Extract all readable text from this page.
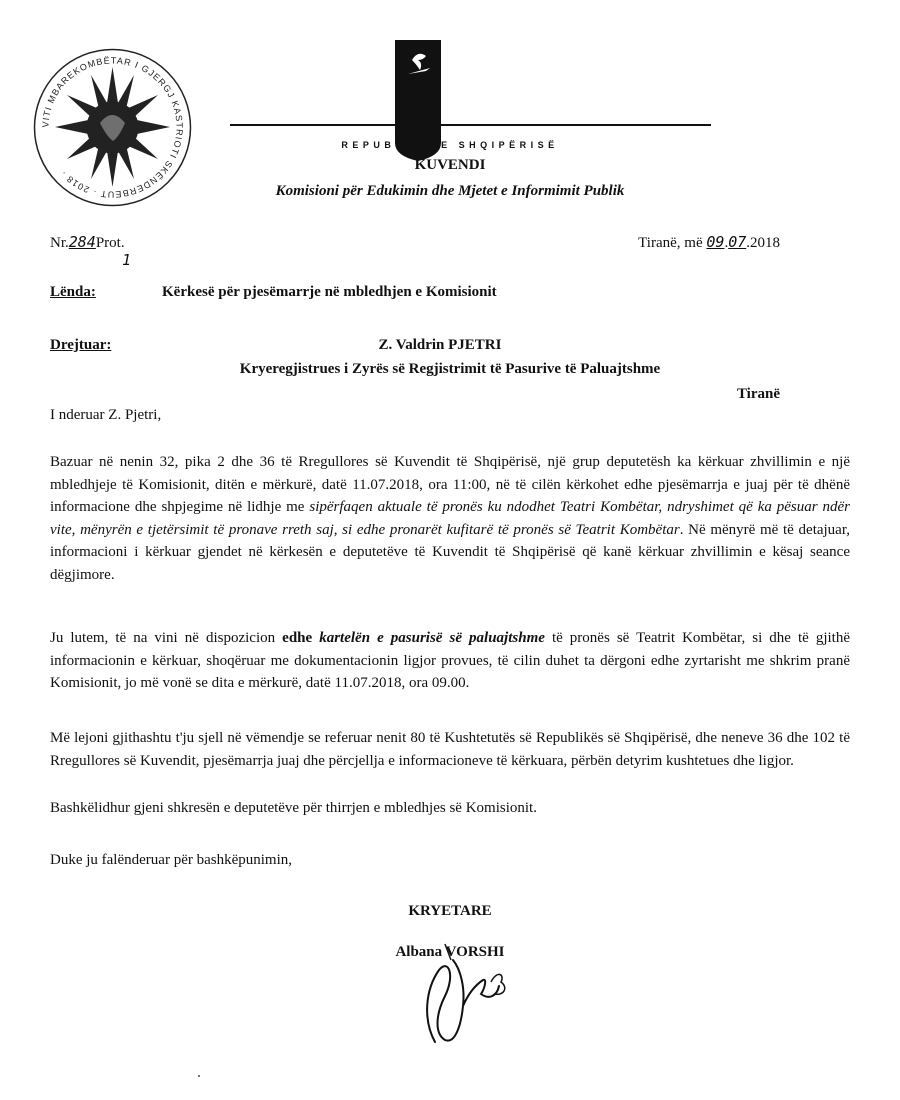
VITI MBAREKOMBËTAR I GJERGJ KASTRIOTI SKËNDERBEUT · 2018 ·
REPUBLIKA E SHQIPËRISË
KUVENDI
Komisioni për Edukimin dhe Mjetet e Informimit Publik
Nr.284Prot.
1
Tiranë, më 09.07.2018
Lënda:	Kërkesë për pjesëmarrje në mbledhjen e Komisionit
Drejtuar:	Z. Valdrin PJETRI
Kryeregjistrues i Zyrës së Regjistrimit të Pasurive të Paluajtshme
Tiranë
I nderuar Z. Pjetri,
Bazuar në nenin 32, pika 2 dhe 36 të Rregullores së Kuvendit të Shqipërisë, një grup deputetësh ka kërkuar zhvillimin e një mbledhjeje të Komisionit, ditën e mërkurë, datë 11.07.2018, ora 11:00, në të cilën kërkohet edhe pjesëmarrja e juaj për të dhënë informacione dhe shpjegime në lidhje me sipërfaqen aktuale të pronës ku ndodhet Teatri Kombëtar, ndryshimet që ka pësuar ndër vite, mënyrën e tjetërsimit të pronave rreth saj, si edhe pronarët kufitarë të pronës së Teatrit Kombëtar. Në mënyrë më të detajuar, informacioni i kërkuar gjendet në kërkesën e deputetëve të Kuvendit të Shqipërisë që kanë kërkuar zhvillimin e kësaj seance dëgjimore.
Ju lutem, të na vini në dispozicion edhe kartelën e pasurisë së paluajtshme të pronës së Teatrit Kombëtar, si dhe të gjithë informacionin e kërkuar, shoqëruar me dokumentacionin ligjor provues, të cilin duhet ta dërgoni edhe zyrtarisht me shkrim pranë Komisionit, jo më vonë se dita e mërkurë, datë 11.07.2018, ora 09.00.
Më lejoni gjithashtu t'ju sjell në vëmendje se referuar nenit 80 të Kushtetutës së Republikës së Shqipërisë, dhe neneve 36 dhe 102 të Rregullores së Kuvendit, pjesëmarrja juaj dhe përcjellja e informacioneve të kërkuara, përbën detyrim kushtetues dhe ligjor.
Bashkëlidhur gjeni shkresën e deputetëve për thirrjen e mbledhjes së Komisionit.
Duke ju falënderuar për bashkëpunimin,
KRYETARE
Albana VORSHI
